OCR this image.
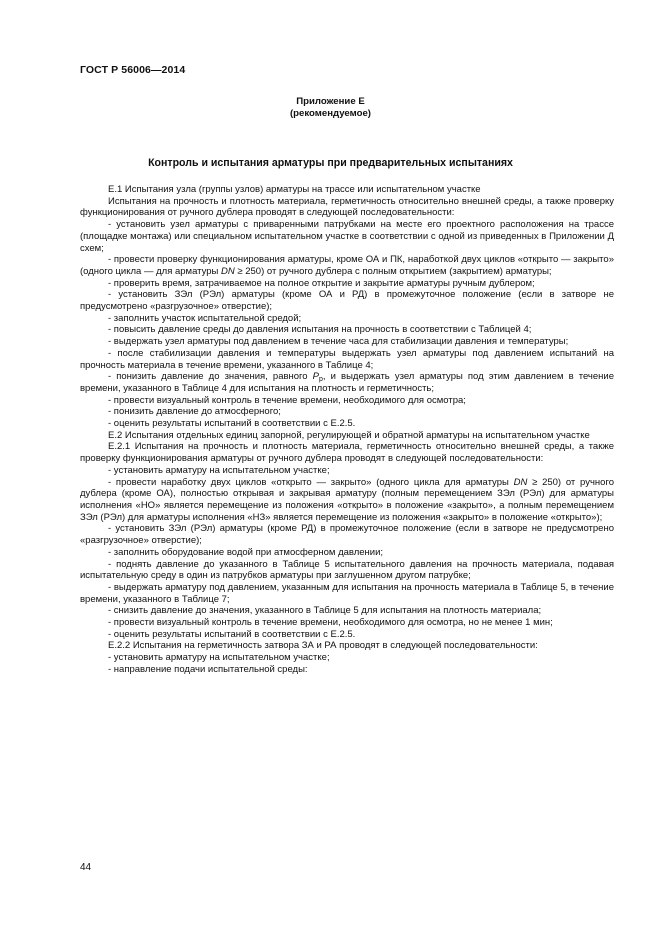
ГОСТ Р 56006—2014
Приложение Е
(рекомендуемое)
Контроль и испытания арматуры при предварительных испытаниях

Е.1 Испытания узла (группы узлов) арматуры на трассе или испытательном участке

Испытания на прочность и плотность материала, герметичность относительно внешней среды, а также проверку функционирования от ручного дублера проводят в следующей последовательности:

- установить узел арматуры с приваренными патрубками на месте его проектного расположения на трассе (площадке монтажа) или специальном испытательном участке в соответствии с одной из приведенных в Приложении Д схем;

- провести проверку функционирования арматуры, кроме ОА и ПК, наработкой двух циклов «открыто — закрыто» (одного цикла — для арматуры DN ≥ 250) от ручного дублера с полным открытием (закрытием) арматуры;

- проверить время, затрачиваемое на полное открытие и закрытие арматуры ручным дублером;

- установить ЗЭл (РЭл) арматуры (кроме ОА и РД) в промежуточное положение (если в затворе не предусмотрено «разгрузочное» отверстие);

- заполнить участок испытательной средой;

- повысить давление среды до давления испытания на прочность в соответствии с Таблицей 4;

- выдержать узел арматуры под давлением в течение часа для стабилизации давления и температуры;

- после стабилизации давления и температуры выдержать узел арматуры под давлением испытаний на прочность материала в течение времени, указанного в Таблице 4;

- понизить давление до значения, равного $P_р$, и выдержать узел арматуры под этим давлением в течение времени, указанного в Таблице 4 для испытания на плотность и герметичность;

- провести визуальный контроль в течение времени, необходимого для осмотра;

- понизить давление до атмосферного;

- оценить результаты испытаний в соответствии с Е.2.5.

Е.2 Испытания отдельных единиц запорной, регулирующей и обратной арматуры на испытательном участке

Е.2.1 Испытания на прочность и плотность материала, герметичность относительно внешней среды, а также проверку функционирования арматуры от ручного дублера проводят в следующей последовательности:

- установить арматуру на испытательном участке;

- провести наработку двух циклов «открыто — закрыто» (одного цикла для арматуры DN ≥ 250) от ручного дублера (кроме ОА), полностью открывая и закрывая арматуру (полным перемещением ЗЭл (РЭл) для арматуры исполнения «НО» является перемещение из положения «открыто» в положение «закрыто», а полным перемещением ЗЭл (РЭл) для арматуры исполнения «НЗ» является перемещение из положения «закрыто» в положение «открыто»);

- установить ЗЭл (РЭл) арматуры (кроме РД) в промежуточное положение (если в затворе не предусмотрено «разгрузочное» отверстие);

- заполнить оборудование водой при атмосферном давлении;

- поднять давление до указанного в Таблице 5 испытательного давления на прочность материала, подавая испытательную среду в один из патрубков арматуры при заглушенном другом патрубке;

- выдержать арматуру под давлением, указанным для испытания на прочность материала в Таблице 5, в течение времени, указанного в Таблице 7;

- снизить давление до значения, указанного в Таблице 5 для испытания на плотность материала;

- провести визуальный контроль в течение времени, необходимого для осмотра, но не менее 1 мин;

- оценить результаты испытаний в соответствии с Е.2.5.

Е.2.2 Испытания на герметичность затвора ЗА и РА проводят в следующей последовательности:

- установить арматуру на испытательном участке;

- направление подачи испытательной среды:

44
